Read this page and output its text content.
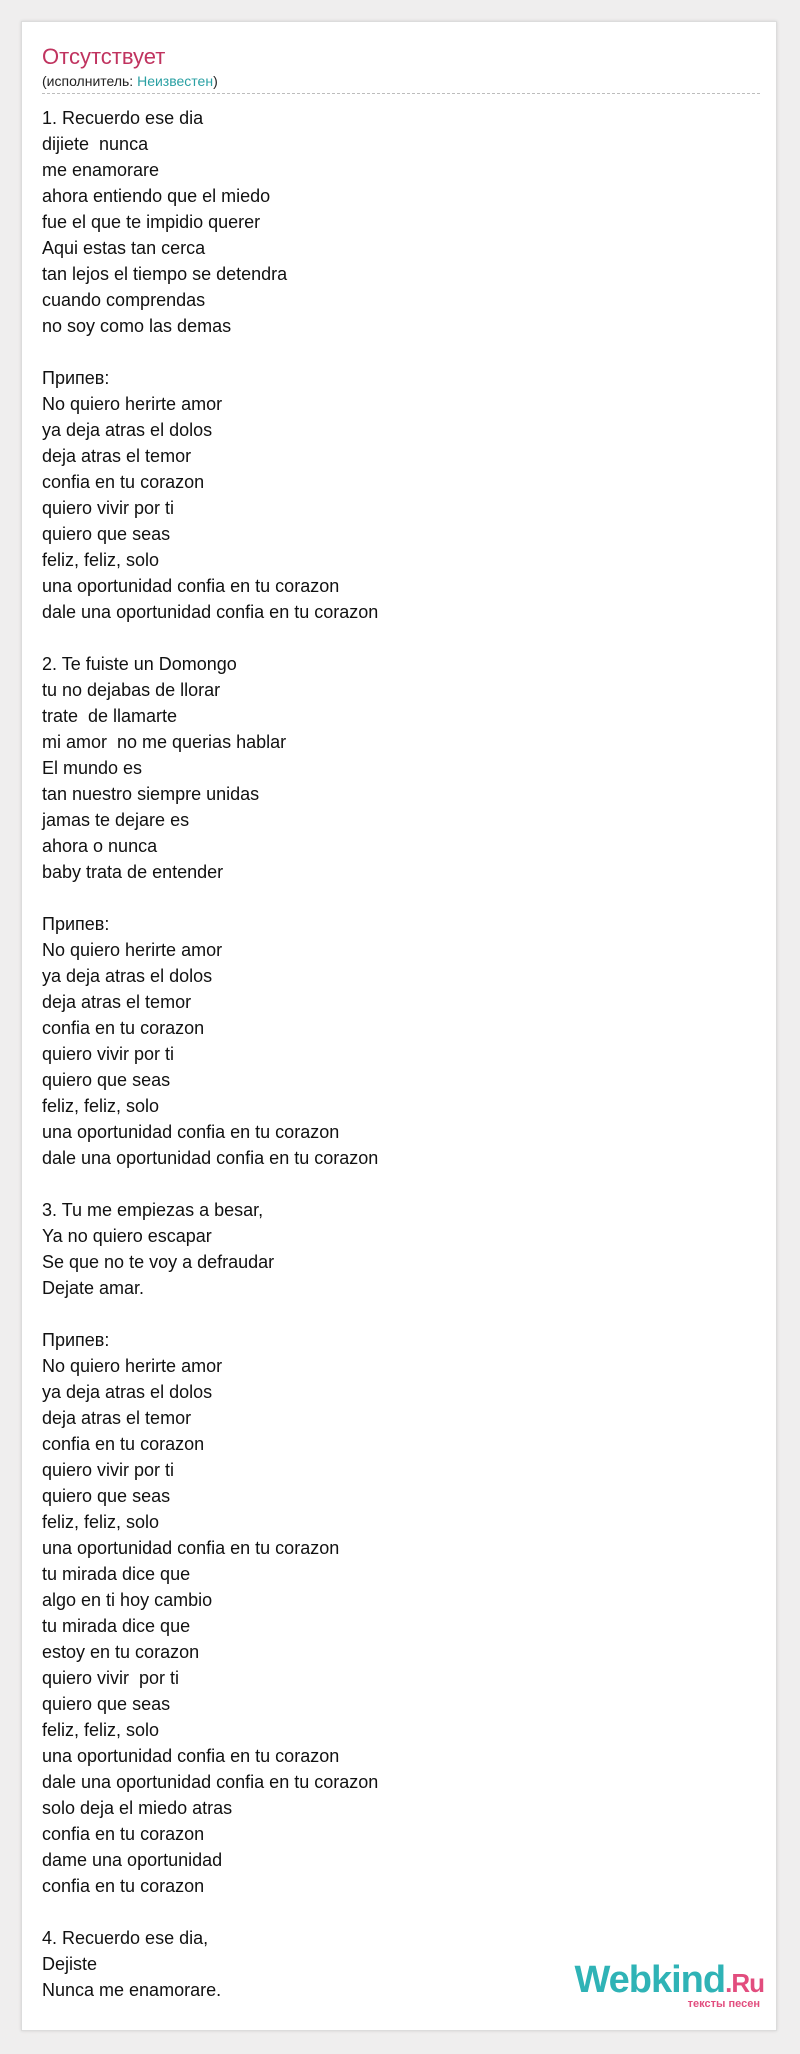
Отсутствует
(исполнитель: Неизвестен)
1. Recuerdo ese dia
dijiete  nunca
me enamorare
ahora entiendo que el miedo
fue el que te impidio querer
Aqui estas tan cerca
tan lejos el tiempo se detendra
cuando comprendas
no soy como las demas
Припев:
No quiero herirte amor
ya deja atras el dolos
deja atras el temor
confia en tu corazon
quiero vivir por ti
quiero que seas
feliz, feliz, solo
una oportunidad confia en tu corazon
dale una oportunidad confia en tu corazon
2. Te fuiste un Domongo
tu no dejabas de llorar
trate  de llamarte
mi amor  no me querias hablar
El mundo es
tan nuestro siempre unidas
jamas te dejare es
ahora o nunca
baby trata de entender
Припев:
No quiero herirte amor
ya deja atras el dolos
deja atras el temor
confia en tu corazon
quiero vivir por ti
quiero que seas
feliz, feliz, solo
una oportunidad confia en tu corazon
dale una oportunidad confia en tu corazon
3. Tu me empiezas a besar,
Ya no quiero escapar
Se que no te voy a defraudar
Dejate amar.
Припев:
No quiero herirte amor
ya deja atras el dolos
deja atras el temor
confia en tu corazon
quiero vivir por ti
quiero que seas
feliz, feliz, solo
una oportunidad confia en tu corazon
tu mirada dice que
algo en ti hoy cambio
tu mirada dice que
estoy en tu corazon
quiero vivir  por ti
quiero que seas
feliz, feliz, solo
una oportunidad confia en tu corazon
dale una oportunidad confia en tu corazon
solo deja el miedo atras
confia en tu corazon
dame una oportunidad
confia en tu corazon
4. Recuerdo ese dia,
Dejiste
Nunca me enamorare.	Webkind.Ru
тексты песен
